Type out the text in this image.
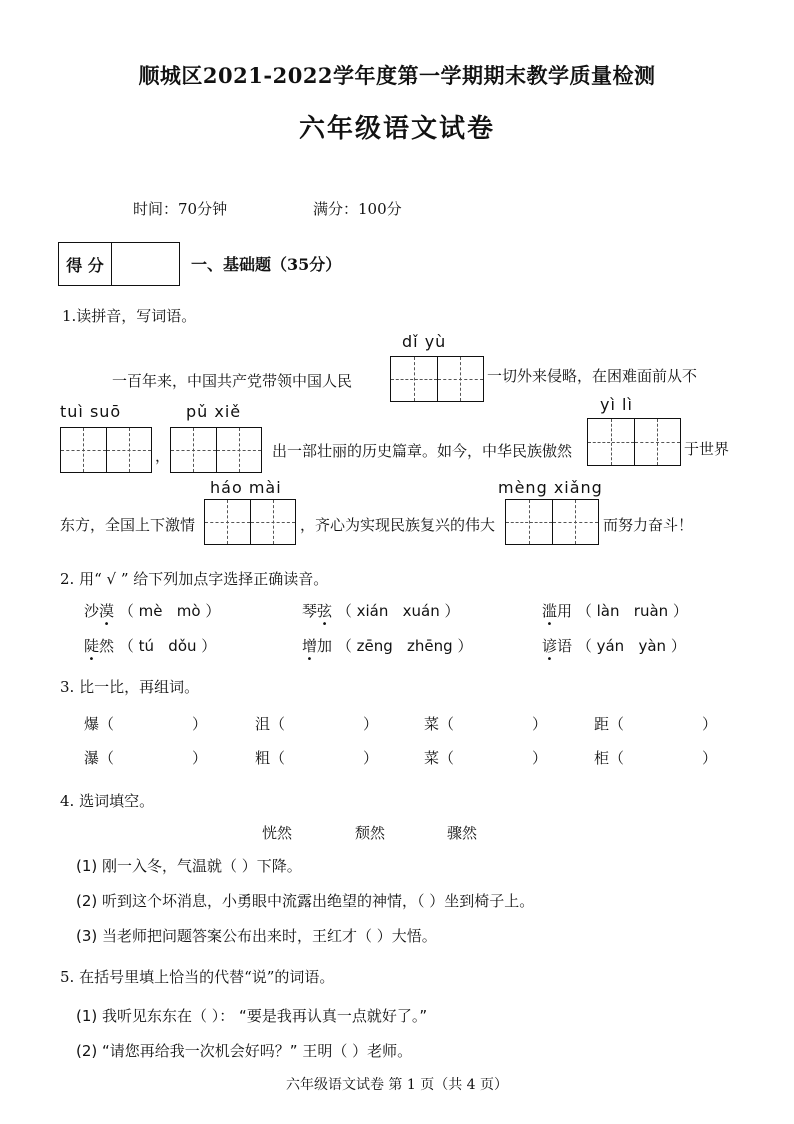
顺城区2021-2022学年度第一学期期末教学质量检测
六年级语文试卷
时间：70分钟	满分：100分
得 分	一、基础题（35分）
1.读拼音，写词语。
dǐ yù
一百年来，中国共产党带领中国人民	一切外来侵略，在困难面前从不
tuì suō	pǔ xiě	yì lì
，	出一部壮丽的历史篇章。如今，中华民族傲然	于世界
háo mài	mèng xiǎng
东方，全国上下激情	，齐心为实现民族复兴的伟大	而努力奋斗！
2. 用“ √ ” 给下列加点字选择正确读音。
沙漠 （ mè mò ）	琴弦 （ xián xuán ）	滥用 （ làn ruàn ）
陡然 （ tú dǒu ）	增加 （ zēng zhēng ）	谚语 （ yán yàn ）
3. 比一比，再组词。
爆（	）	沮（	）	菜（	）	距（	）
瀑（	）	粗（	）	菜（	）	柜（	）
4. 选词填空。
恍然	颓然	骤然
(1) 刚一入冬，气温就（ ）下降。
(2) 听到这个坏消息，小勇眼中流露出绝望的神情，（ ）坐到椅子上。
(3) 当老师把问题答案公布出来时，王红才（ ）大悟。
5. 在括号里填上恰当的代替“说”的词语。
(1) 我听见东东在（ ）： “要是我再认真一点就好了。”
(2) “请您再给我一次机会好吗？” 王明（ ）老师。
六年级语文试卷 第 1 页（共 4 页）
